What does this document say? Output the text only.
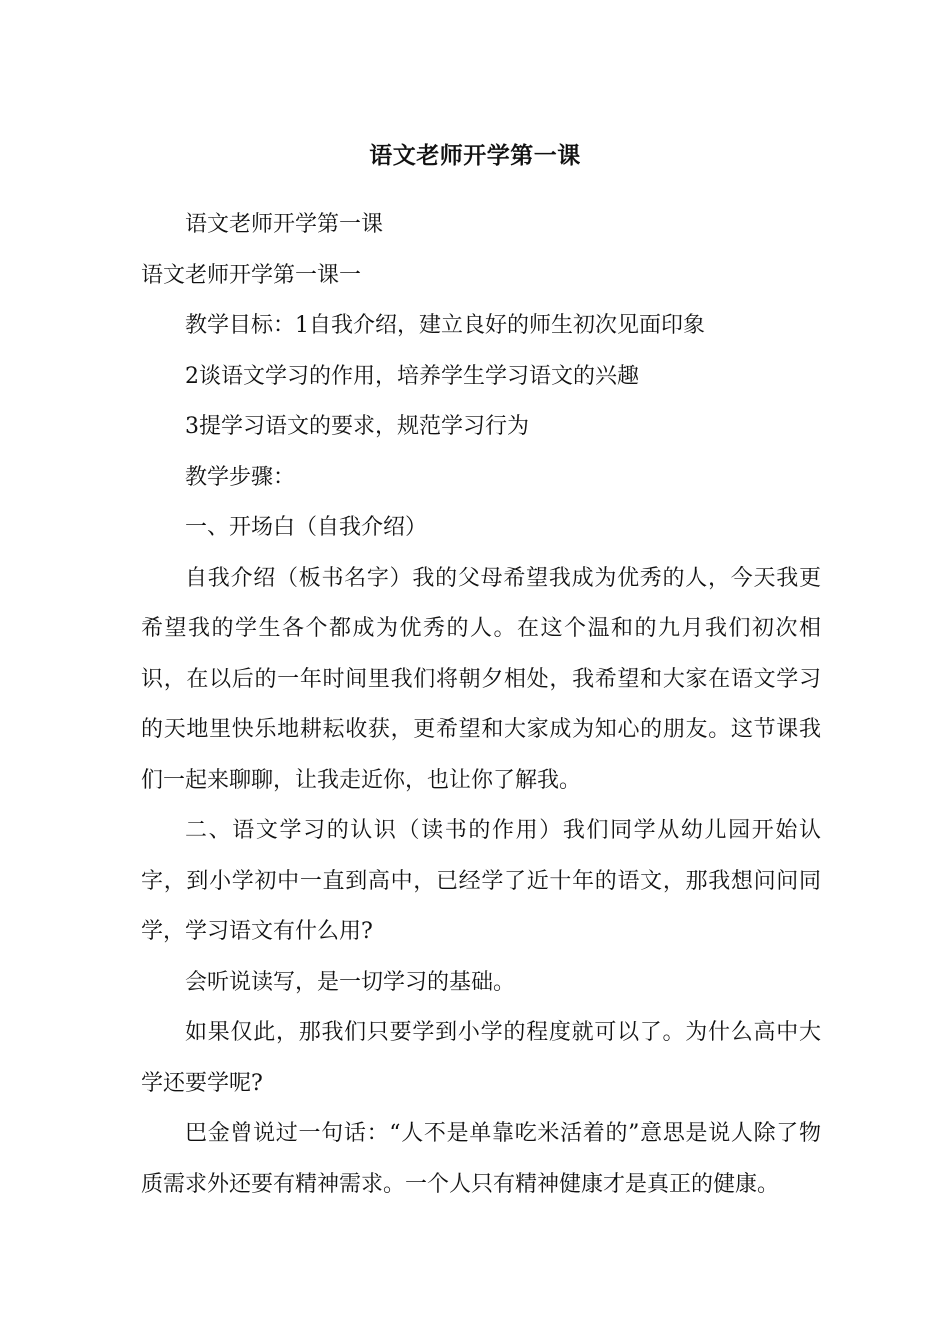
语文老师开学第一课

语文老师开学第一课

语文老师开学第一课一

教学目标：1自我介绍，建立良好的师生初次见面印象

2谈语文学习的作用，培养学生学习语文的兴趣

3提学习语文的要求，规范学习行为

教学步骤：

一、开场白（自我介绍）

自我介绍（板书名字）我的父母希望我成为优秀的人，今天我更希望我的学生各个都成为优秀的人。在这个温和的九月我们初次相识，在以后的一年时间里我们将朝夕相处，我希望和大家在语文学习的天地里快乐地耕耘收获，更希望和大家成为知心的朋友。这节课我们一起来聊聊，让我走近你，也让你了解我。

二、语文学习的认识（读书的作用）我们同学从幼儿园开始认字，到小学初中一直到高中，已经学了近十年的语文，那我想问问同学，学习语文有什么用?

会听说读写，是一切学习的基础。

如果仅此，那我们只要学到小学的程度就可以了。为什么高中大学还要学呢?

巴金曾说过一句话：“人不是单靠吃米活着的”意思是说人除了物质需求外还要有精神需求。一个人只有精神健康才是真正的健康。
